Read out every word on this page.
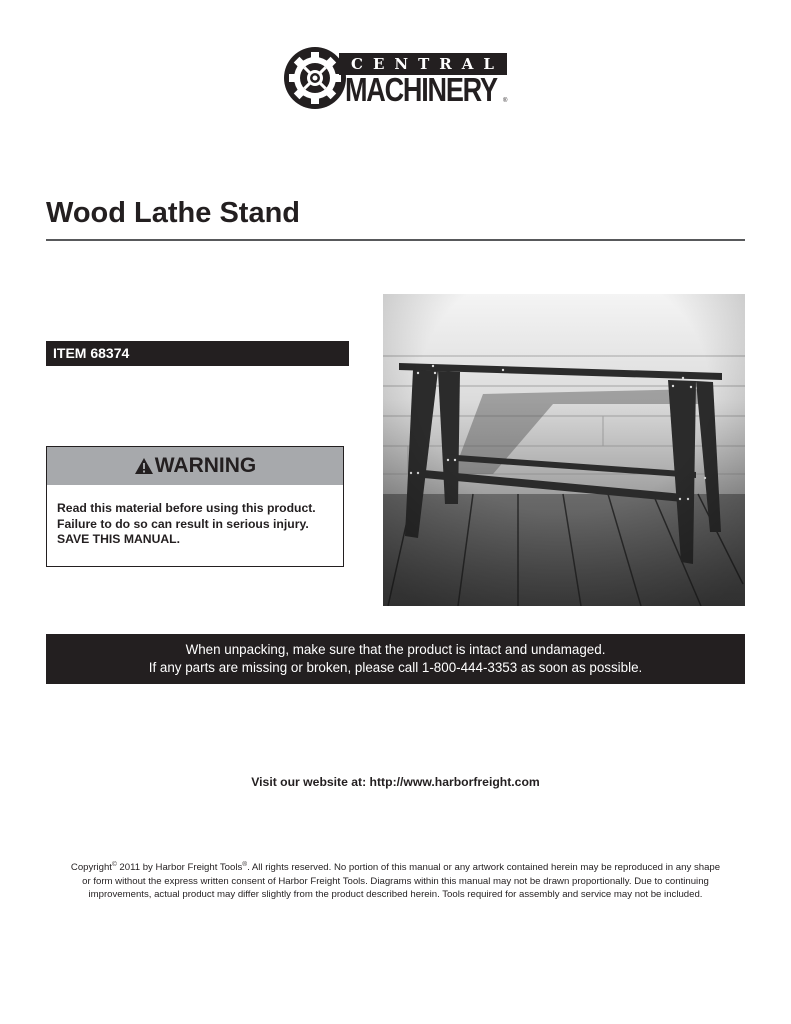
CENTRAL
MACHINERY ®
Wood Lathe Stand
ITEM 68374
WARNING
Read this material before using this product.
Failure to do so can result in serious injury.
SAVE THIS MANUAL.
When unpacking, make sure that the product is intact and undamaged.
If any parts are missing or broken, please call 1-800-444-3353 as soon as possible.
Visit our website at: http://www.harborfreight.com
Copyright© 2011 by Harbor Freight Tools®. All rights reserved. No portion of this manual or any artwork contained herein may be reproduced in any shape
or form without the express written consent of Harbor Freight Tools. Diagrams within this manual may not be drawn proportionally. Due to continuing
improvements, actual product may differ slightly from the product described herein. Tools required for assembly and service may not be included.
